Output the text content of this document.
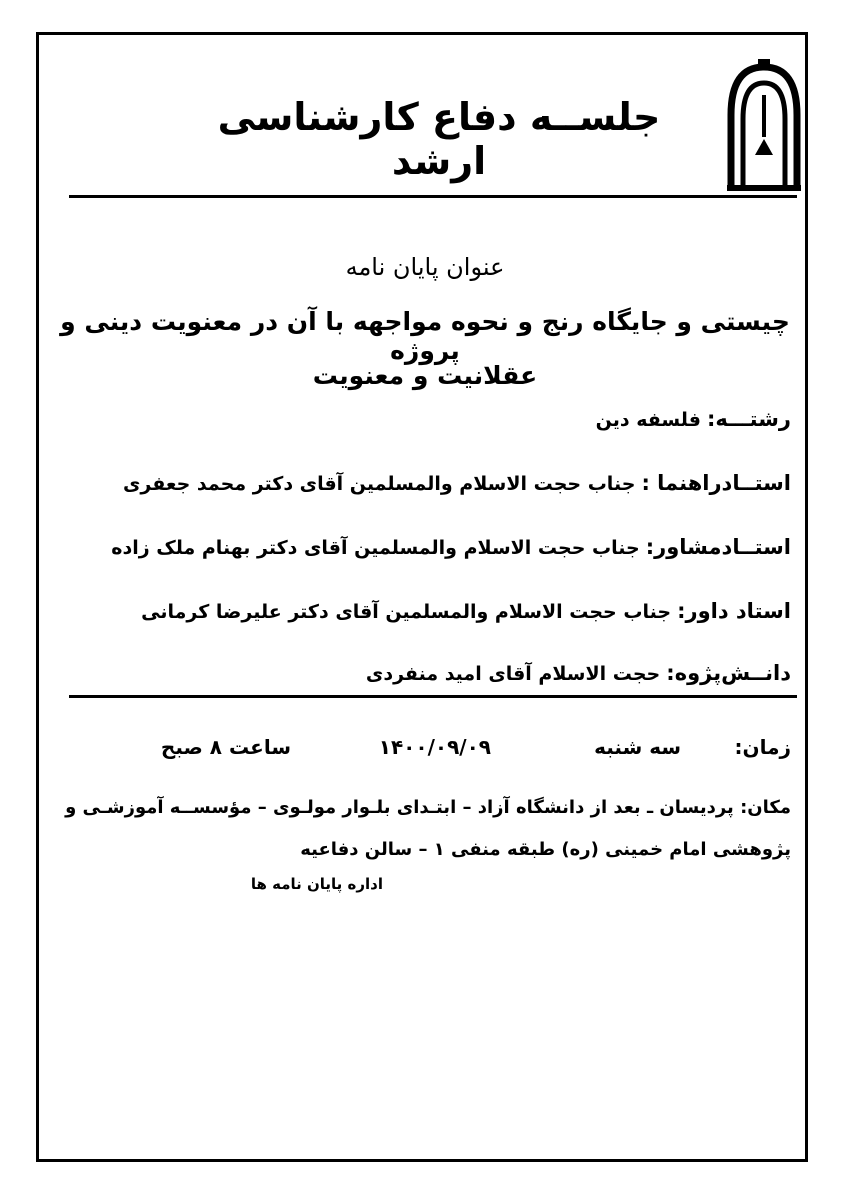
جلســه دفاع کارشناسی ارشد
عنوان پایان نامه
چیستی و جایگاه رنج و نحوه مواجهه با آن در معنویت دینی و پروژه
عقلانیت و معنویت
رشتـــه: فلسفه دین
استــادراهنما : جناب حجت الاسلام والمسلمین آقای دکتر محمد جعفری
استــادمشاور: جناب حجت الاسلام والمسلمین آقای دکتر بهنام ملک زاده
استاد داور: جناب حجت الاسلام والمسلمین آقای دکتر علیرضا کرمانی
دانــش‌پژوه: حجت الاسلام آقای امید منفردی
زمان:
سه شنبه
۱۴۰۰/۰۹/۰۹
ساعت ۸ صبح
مکان: پردیسان ـ بعد از دانشگاه آزاد – ابتـدای بلـوار مولـوی – مؤسســه آموزشـی و پژوهشی امام خمینی (ره) طبقه منفی ۱ – سالن دفاعیه
اداره پایان نامه ها
